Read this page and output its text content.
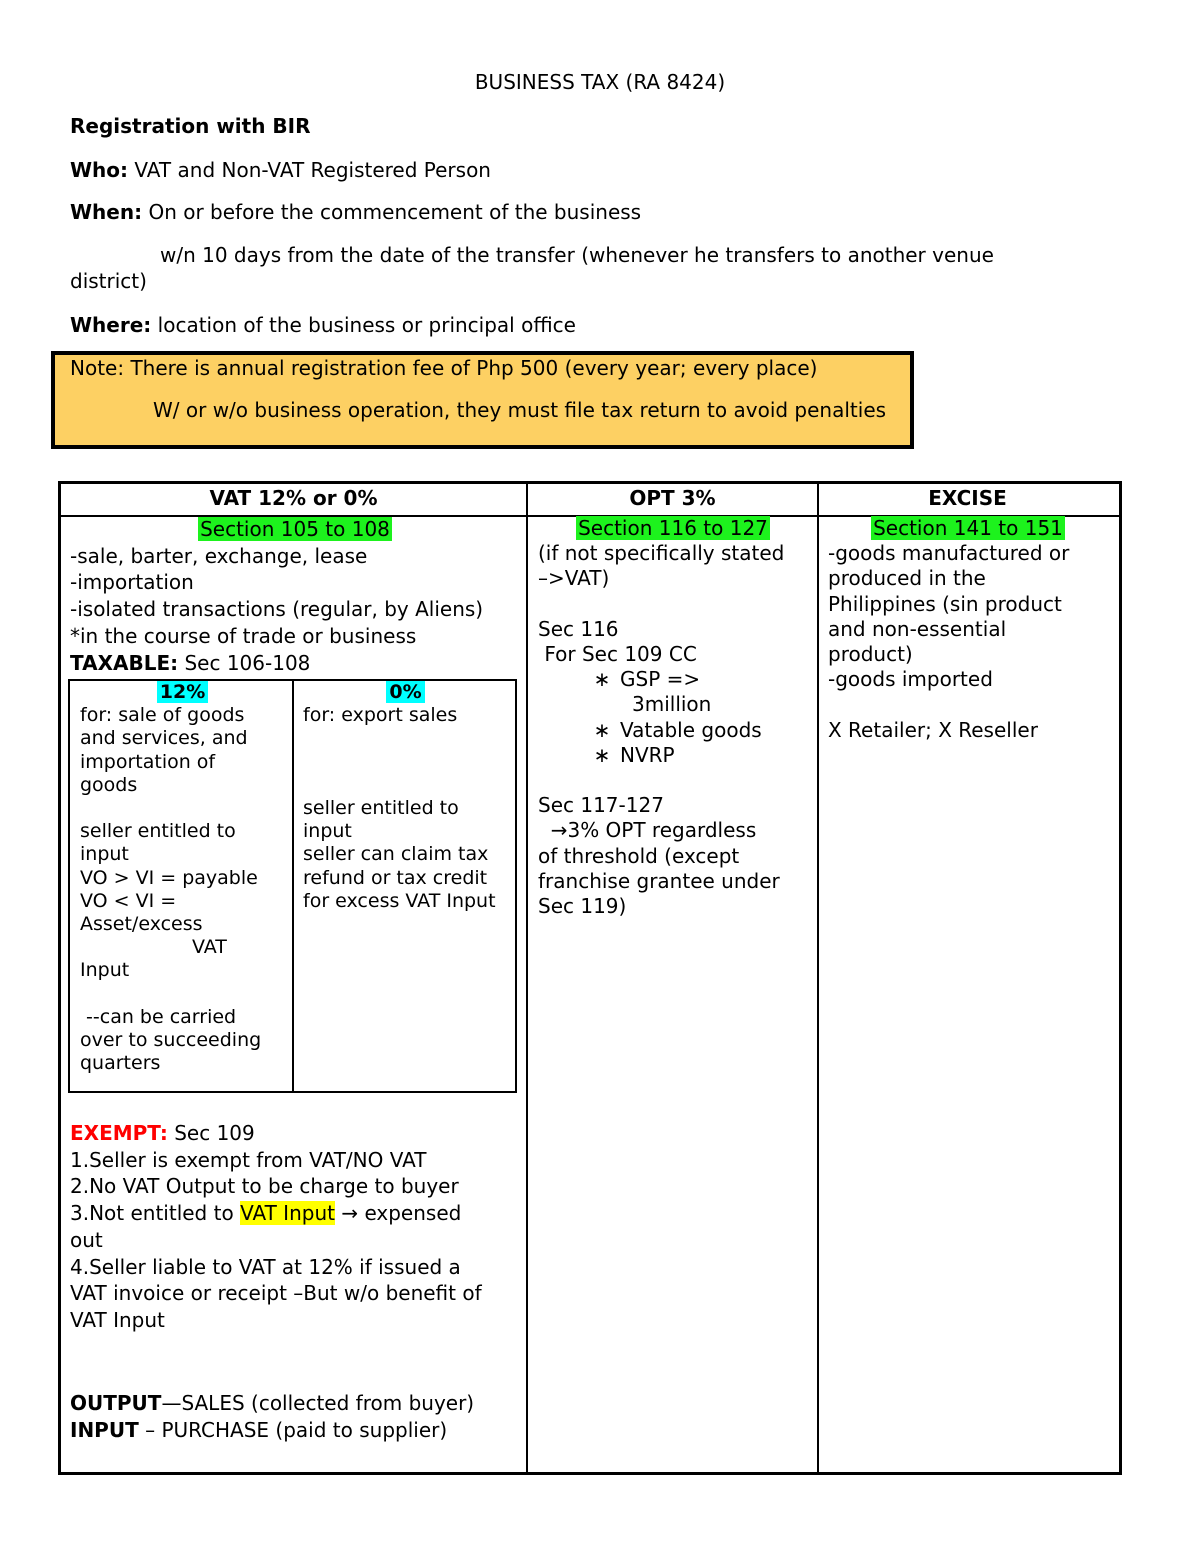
BUSINESS TAX (RA 8424)
Registration with BIR
Who: VAT and Non-VAT Registered Person
When: On or before the commencement of the business
w/n 10 days from the date of the transfer (whenever he transfers to another venue
district)
Where: location of the business or principal office
Note: There is annual registration fee of Php 500 (every year; every place)
W/ or w/o business operation, they must file tax return to avoid penalties
VAT 12% or 0%	OPT 3%	EXCISE
Section 105 to 108
-sale, barter, exchange, lease
-importation
-isolated transactions (regular, by Aliens)
*in the course of trade or business
TAXABLE: Sec 106-108
12%
for: sale of goods
and services, and
importation of
goods
seller entitled to
input
VO > VI = payable
VO < VI =
Asset/excess
VAT
Input
--can be carried
over to succeeding
quarters
0%
for: export sales
seller entitled to
input
seller can claim tax
refund or tax credit
for excess VAT Input
EXEMPT: Sec 109
1.Seller is exempt from VAT/NO VAT
2.No VAT Output to be charge to buyer
3.Not entitled to VAT Input → expensed
out
4.Seller liable to VAT at 12% if issued a
VAT invoice or receipt –But w/o benefit of
VAT Input
OUTPUT—SALES (collected from buyer)
INPUT – PURCHASE (paid to supplier)
Section 116 to 127
(if not specifically stated
–>VAT)
Sec 116
For Sec 109 CC
∗ GSP =>
3million
∗ Vatable goods
∗ NVRP
Sec 117-127
→3% OPT regardless
of threshold (except
franchise grantee under
Sec 119)
Section 141 to 151
-goods manufactured or
produced in the
Philippines (sin product
and non-essential
product)
-goods imported
X Retailer; X Reseller
